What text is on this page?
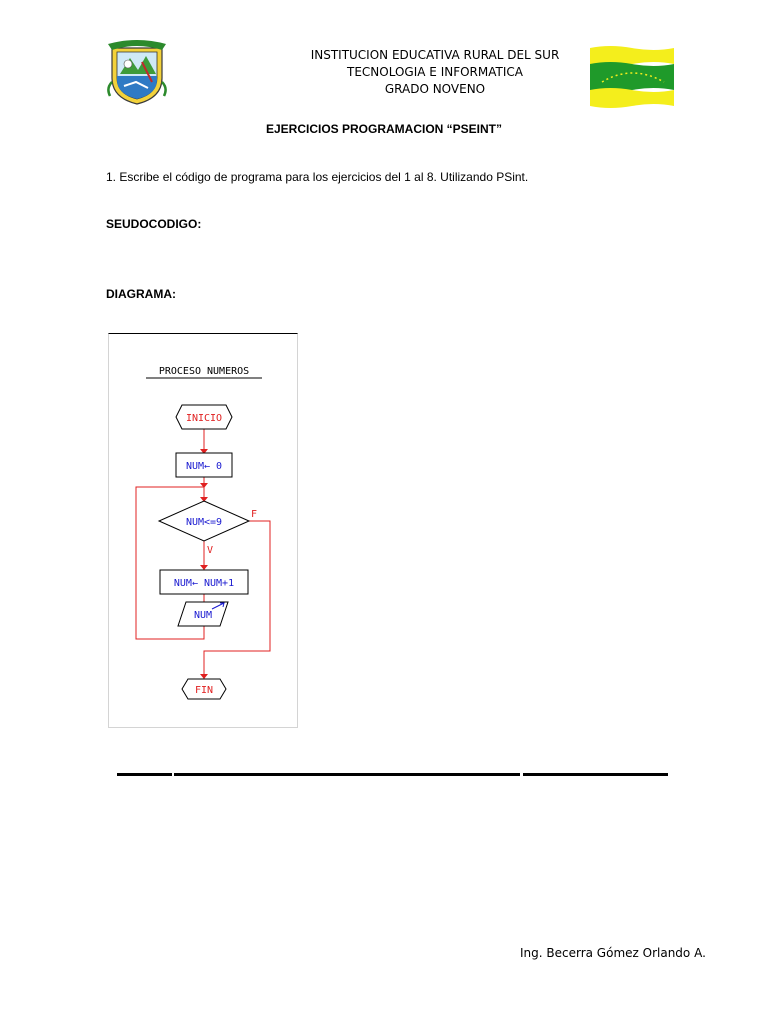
INSTITUCION EDUCATIVA RURAL DEL SUR
TECNOLOGIA E INFORMATICA
GRADO NOVENO
EJERCICIOS PROGRAMACION “PSEINT”
1. Escribe el código de programa para los ejercicios del 1 al 8. Utilizando PSint.
SEUDOCODIGO:
DIAGRAMA:
PROCESO NUMEROS
INICIO
NUM← 0
NUM<=9
F
V
NUM← NUM+1
NUM
FIN
Ing. Becerra Gómez Orlando A.
